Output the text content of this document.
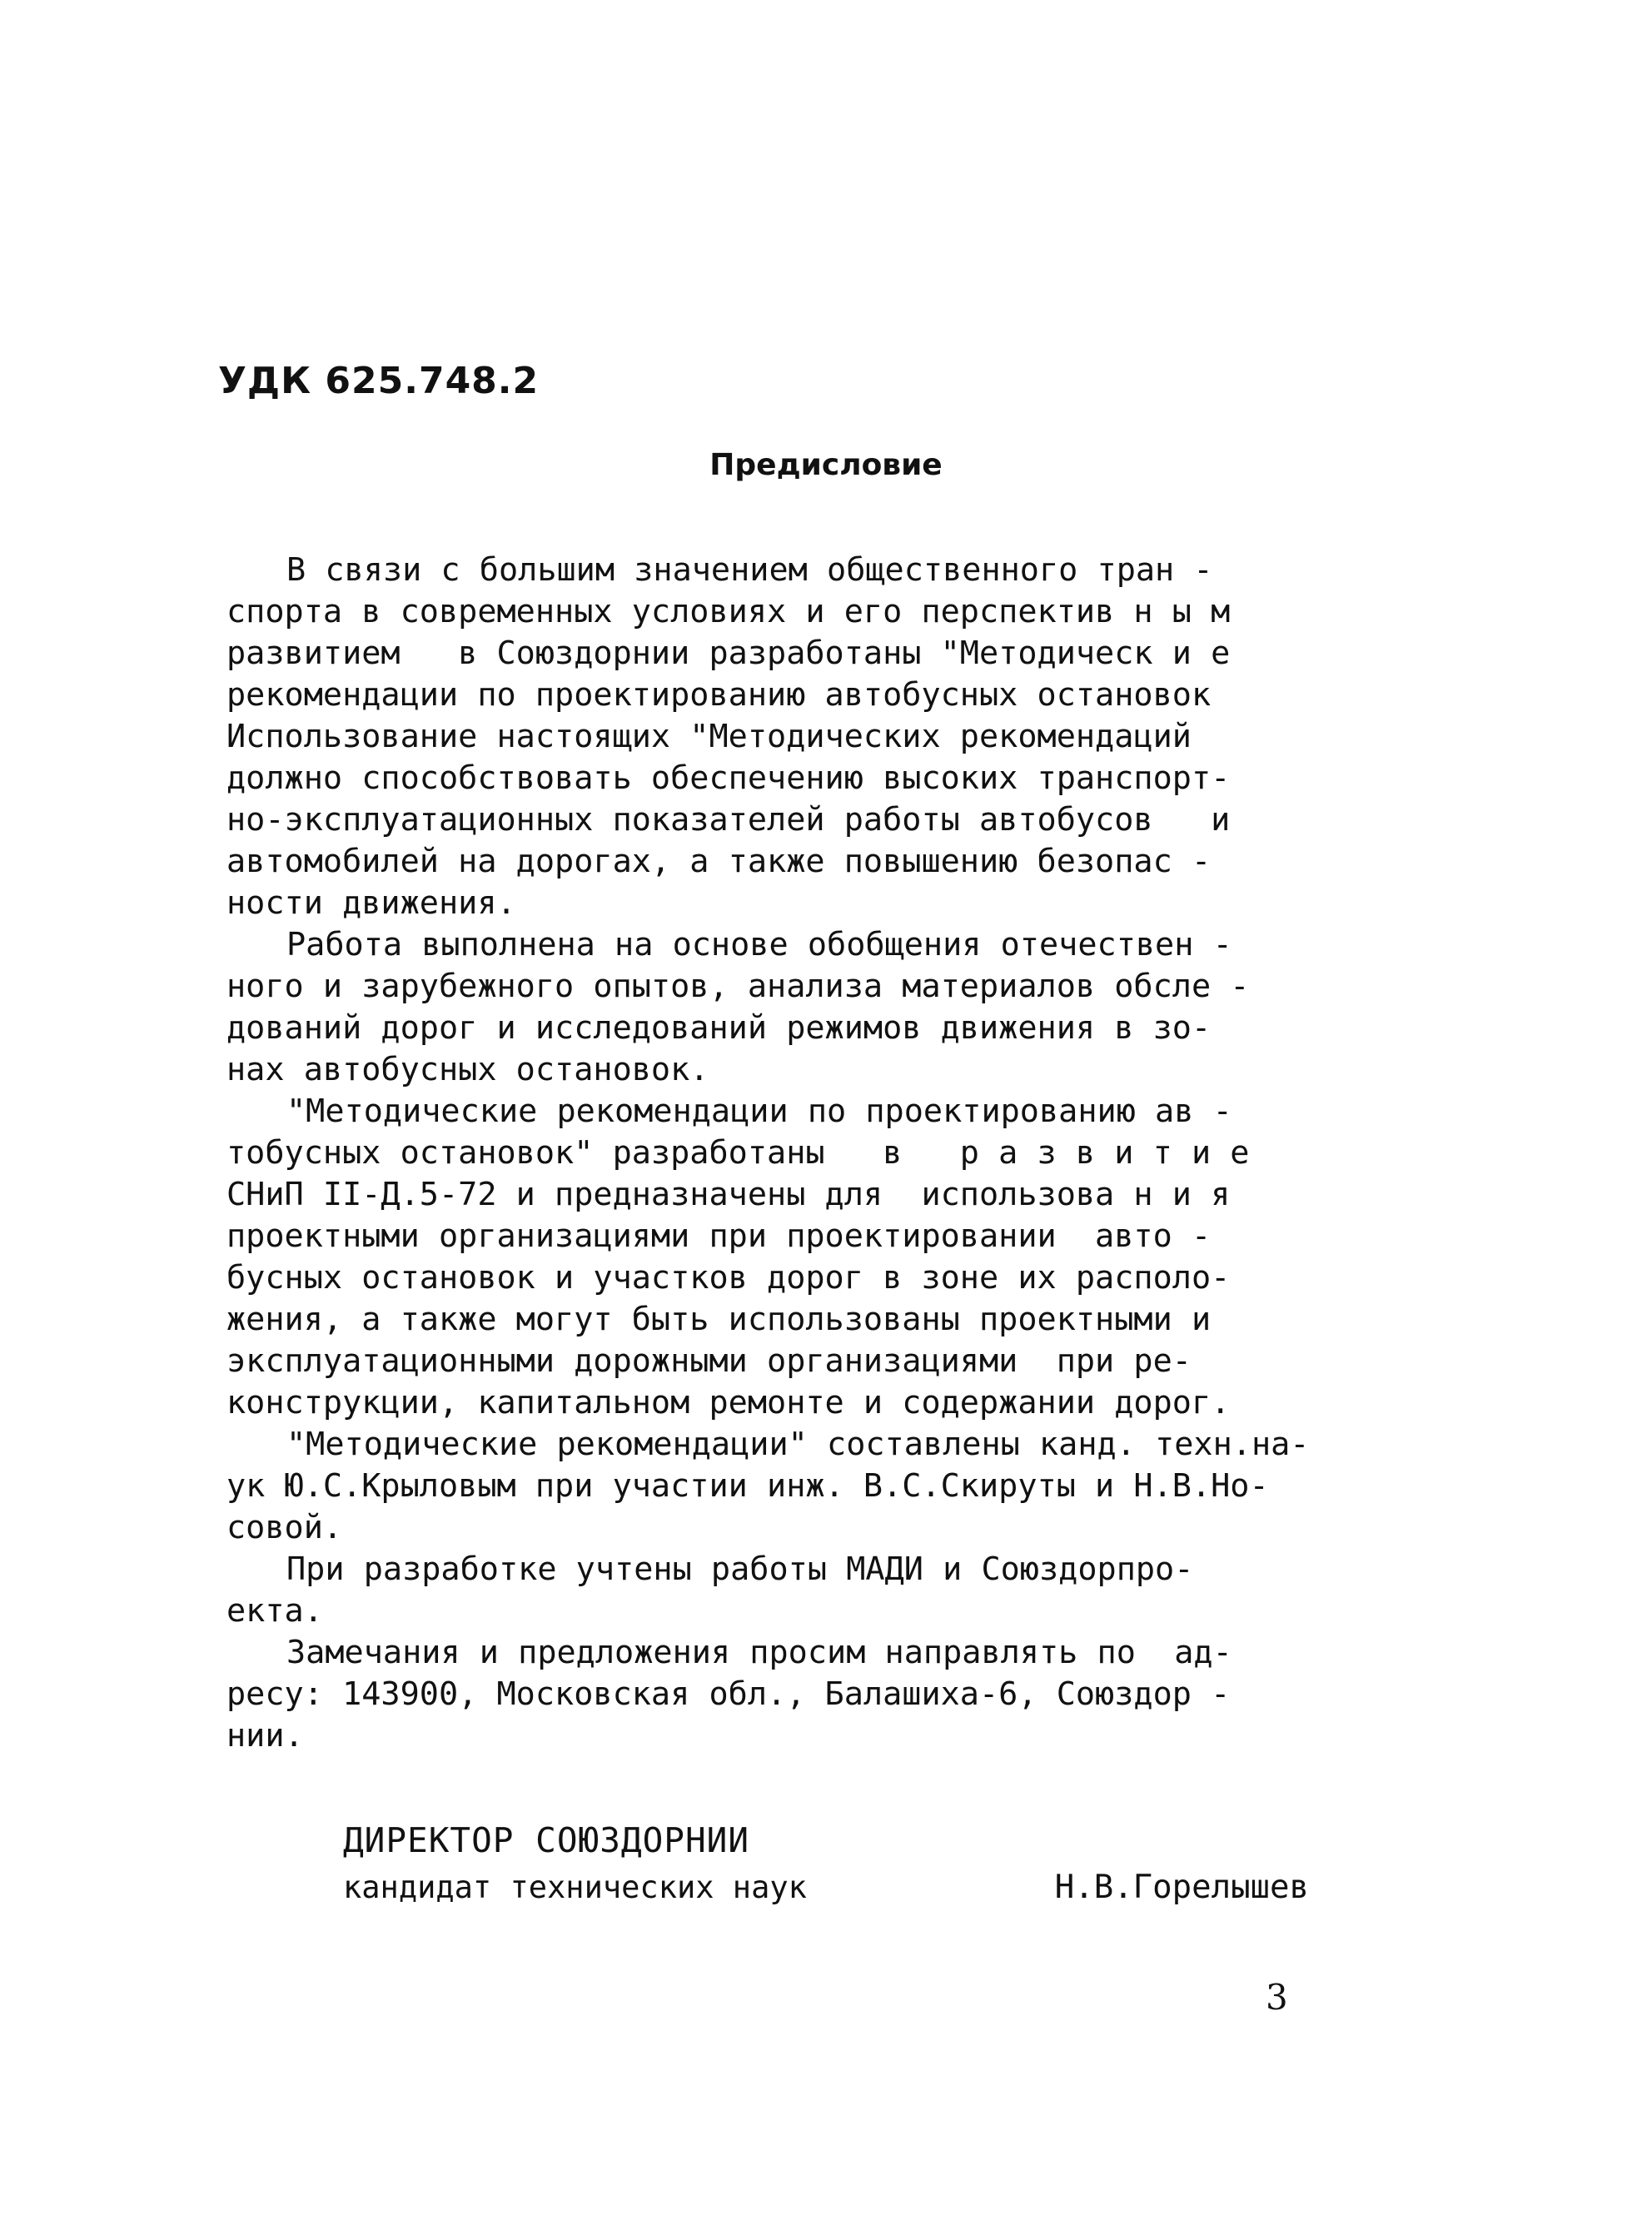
УДК 625.748.2
Предисловие

В связи с большим значением общественного тран -
спорта в современных условиях и его перспектив н ы м
развитием   в Союздорнии разработаны "Методическ и е
рекомендации по проектированию автобусных остановок
Использование настоящих "Методических рекомендаций
должно способствовать обеспечению высоких транспорт-
но-эксплуатационных показателей работы автобусов   и
автомобилей на дорогах, а также повышению безопас -
ности движения.

Работа выполнена на основе обобщения отечествен -
ного и зарубежного опытов, анализа материалов обсле -
дований дорог и исследований режимов движения в зо-
нах автобусных остановок.

"Методические рекомендации по проектированию ав -
тобусных остановок" разработаны   в   р а з в и т и е
СНиП II-Д.5-72 и предназначены для  использова н и я
проектными организациями при проектировании  авто -
бусных остановок и участков дорог в зоне их располо-
жения, а также могут быть использованы проектными и
эксплуатационными дорожными организациями  при ре-
конструкции, капитальном ремонте и содержании дорог.

"Методические рекомендации" составлены канд. техн.на-
ук Ю.С.Крыловым при участии инж. В.С.Скируты и Н.В.Но-
совой.

При разработке учтены работы МАДИ и Союздорпро-
екта.

Замечания и предложения просим направлять по  ад-
ресу: 143900, Московская обл., Балашиха-6, Союздор -
нии.

ДИРЕКТОР СОЮЗДОРНИИ
кандидат технических наук	Н.В.Горелышев
3
